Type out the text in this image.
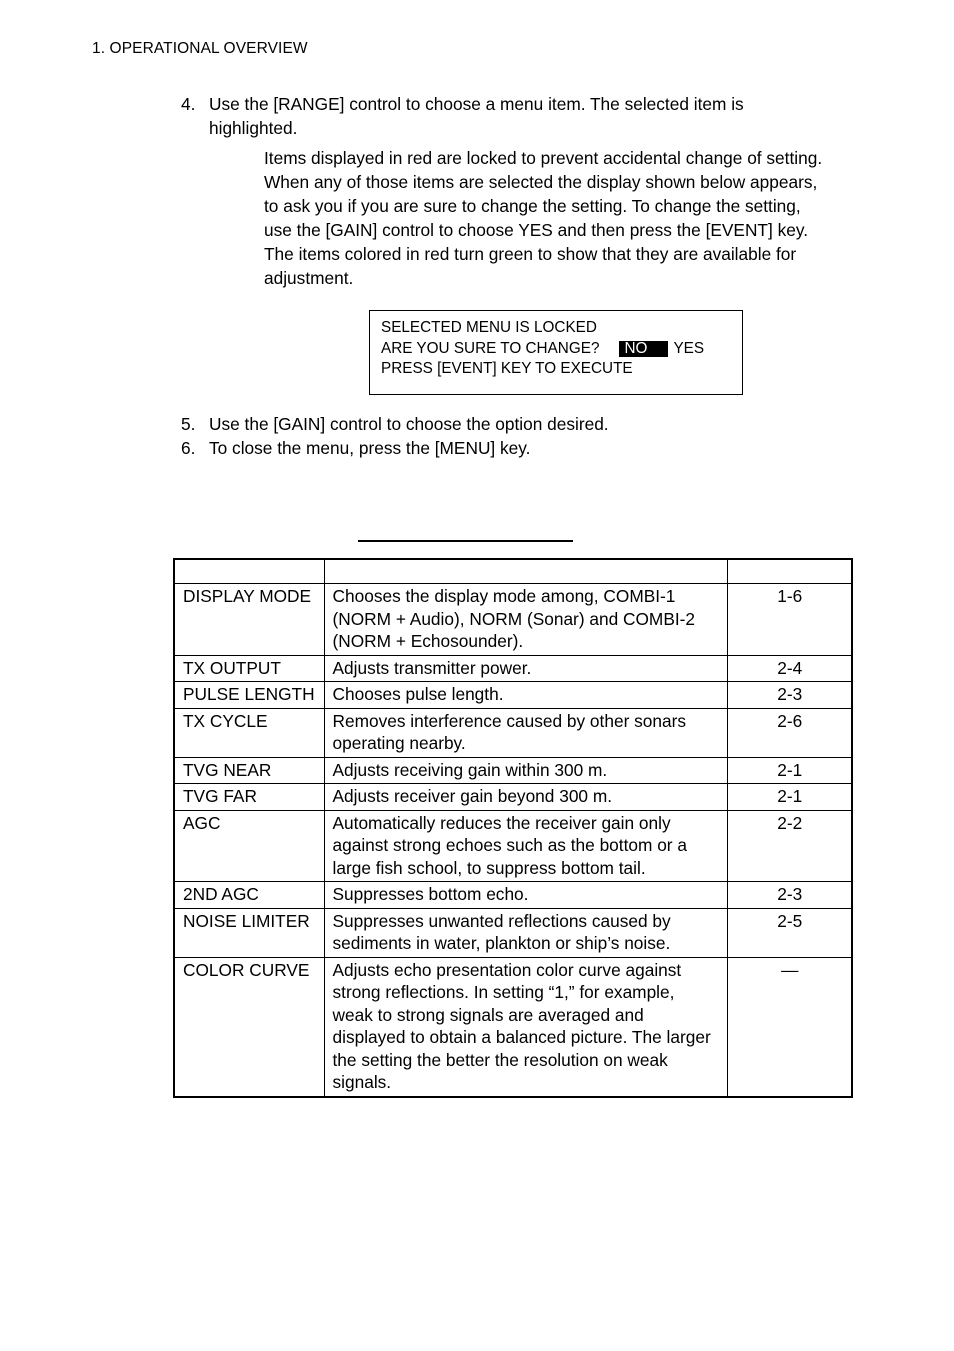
1. OPERATIONAL OVERVIEW
4. Use the [RANGE] control to choose a menu item. The selected item is highlighted.
Items displayed in red are locked to prevent accidental change of setting. When any of those items are selected the display shown below appears, to ask you if you are sure to change the setting. To change the setting, use the [GAIN] control to choose YES and then press the [EVENT] key. The items colored in red turn green to show that they are available for adjustment.
SELECTED MENU IS LOCKED
ARE YOU SURE TO CHANGE? NO YES
PRESS [EVENT] KEY TO EXECUTE
5. Use the [GAIN] control to choose the option desired.
6. To close the menu, press the [MENU] key.

DISPLAY MODE	Chooses the display mode among, COMBI-1 (NORM + Audio), NORM (Sonar) and COMBI-2 (NORM + Echosounder).	1-6
TX OUTPUT	Adjusts transmitter power.	2-4
PULSE LENGTH	Chooses pulse length.	2-3
TX CYCLE	Removes interference caused by other sonars operating nearby.	2-6
TVG NEAR	Adjusts receiving gain within 300 m.	2-1
TVG FAR	Adjusts receiver gain beyond 300 m.	2-1
AGC	Automatically reduces the receiver gain only against strong echoes such as the bottom or a large fish school, to suppress bottom tail.	2-2
2ND AGC	Suppresses bottom echo.	2-3
NOISE LIMITER	Suppresses unwanted reflections caused by sediments in water, plankton or ship’s noise.	2-5
COLOR CURVE	Adjusts echo presentation color curve against strong reflections. In setting “1,” for example, weak to strong signals are averaged and displayed to obtain a balanced picture. The larger the setting the better the resolution on weak signals.	—
